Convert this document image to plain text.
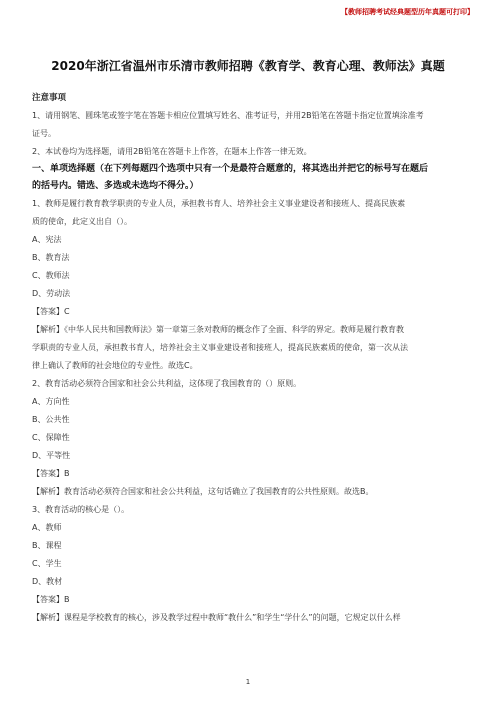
【教师招聘考试经典题型历年真题可打印】
2020年浙江省温州市乐清市教师招聘《教育学、教育心理、教师法》真题
注意事项
1、请用钢笔、圆珠笔或签字笔在答题卡相应位置填写姓名、准考证号，并用2B铅笔在答题卡指定位置填涂准考
证号。
2、本试卷均为选择题，请用2B铅笔在答题卡上作答，在题本上作答一律无效。
一、单项选择题（在下列每题四个选项中只有一个是最符合题意的，将其选出并把它的标号写在题后
的括号内。错选、多选或未选均不得分。）
1、教师是履行教育教学职责的专业人员，承担教书育人、培养社会主义事业建设者和接班人、提高民族素
质的使命，此定义出自（）。
A、宪法
B、教育法
C、教师法
D、劳动法
【答案】C
【解析】《中华人民共和国教师法》第一章第三条对教师的概念作了全面、科学的界定。教师是履行教育教
学职责的专业人员，承担教书育人，培养社会主义事业建设者和接班人，提高民族素质的使命，第一次从法
律上确认了教师的社会地位的专业性。故选C。
2、教育活动必须符合国家和社会公共利益，这体现了我国教育的（）原则。
A、方向性
B、公共性
C、保障性
D、平等性
【答案】B
【解析】教育活动必须符合国家和社会公共利益，这句话确立了我国教育的公共性原则。故选B。
3、教育活动的核心是（）。
A、教师
B、课程
C、学生
D、教材
【答案】B
【解析】课程是学校教育的核心，涉及教学过程中教师“教什么”和学生“学什么”的问题，它规定以什么样
1
